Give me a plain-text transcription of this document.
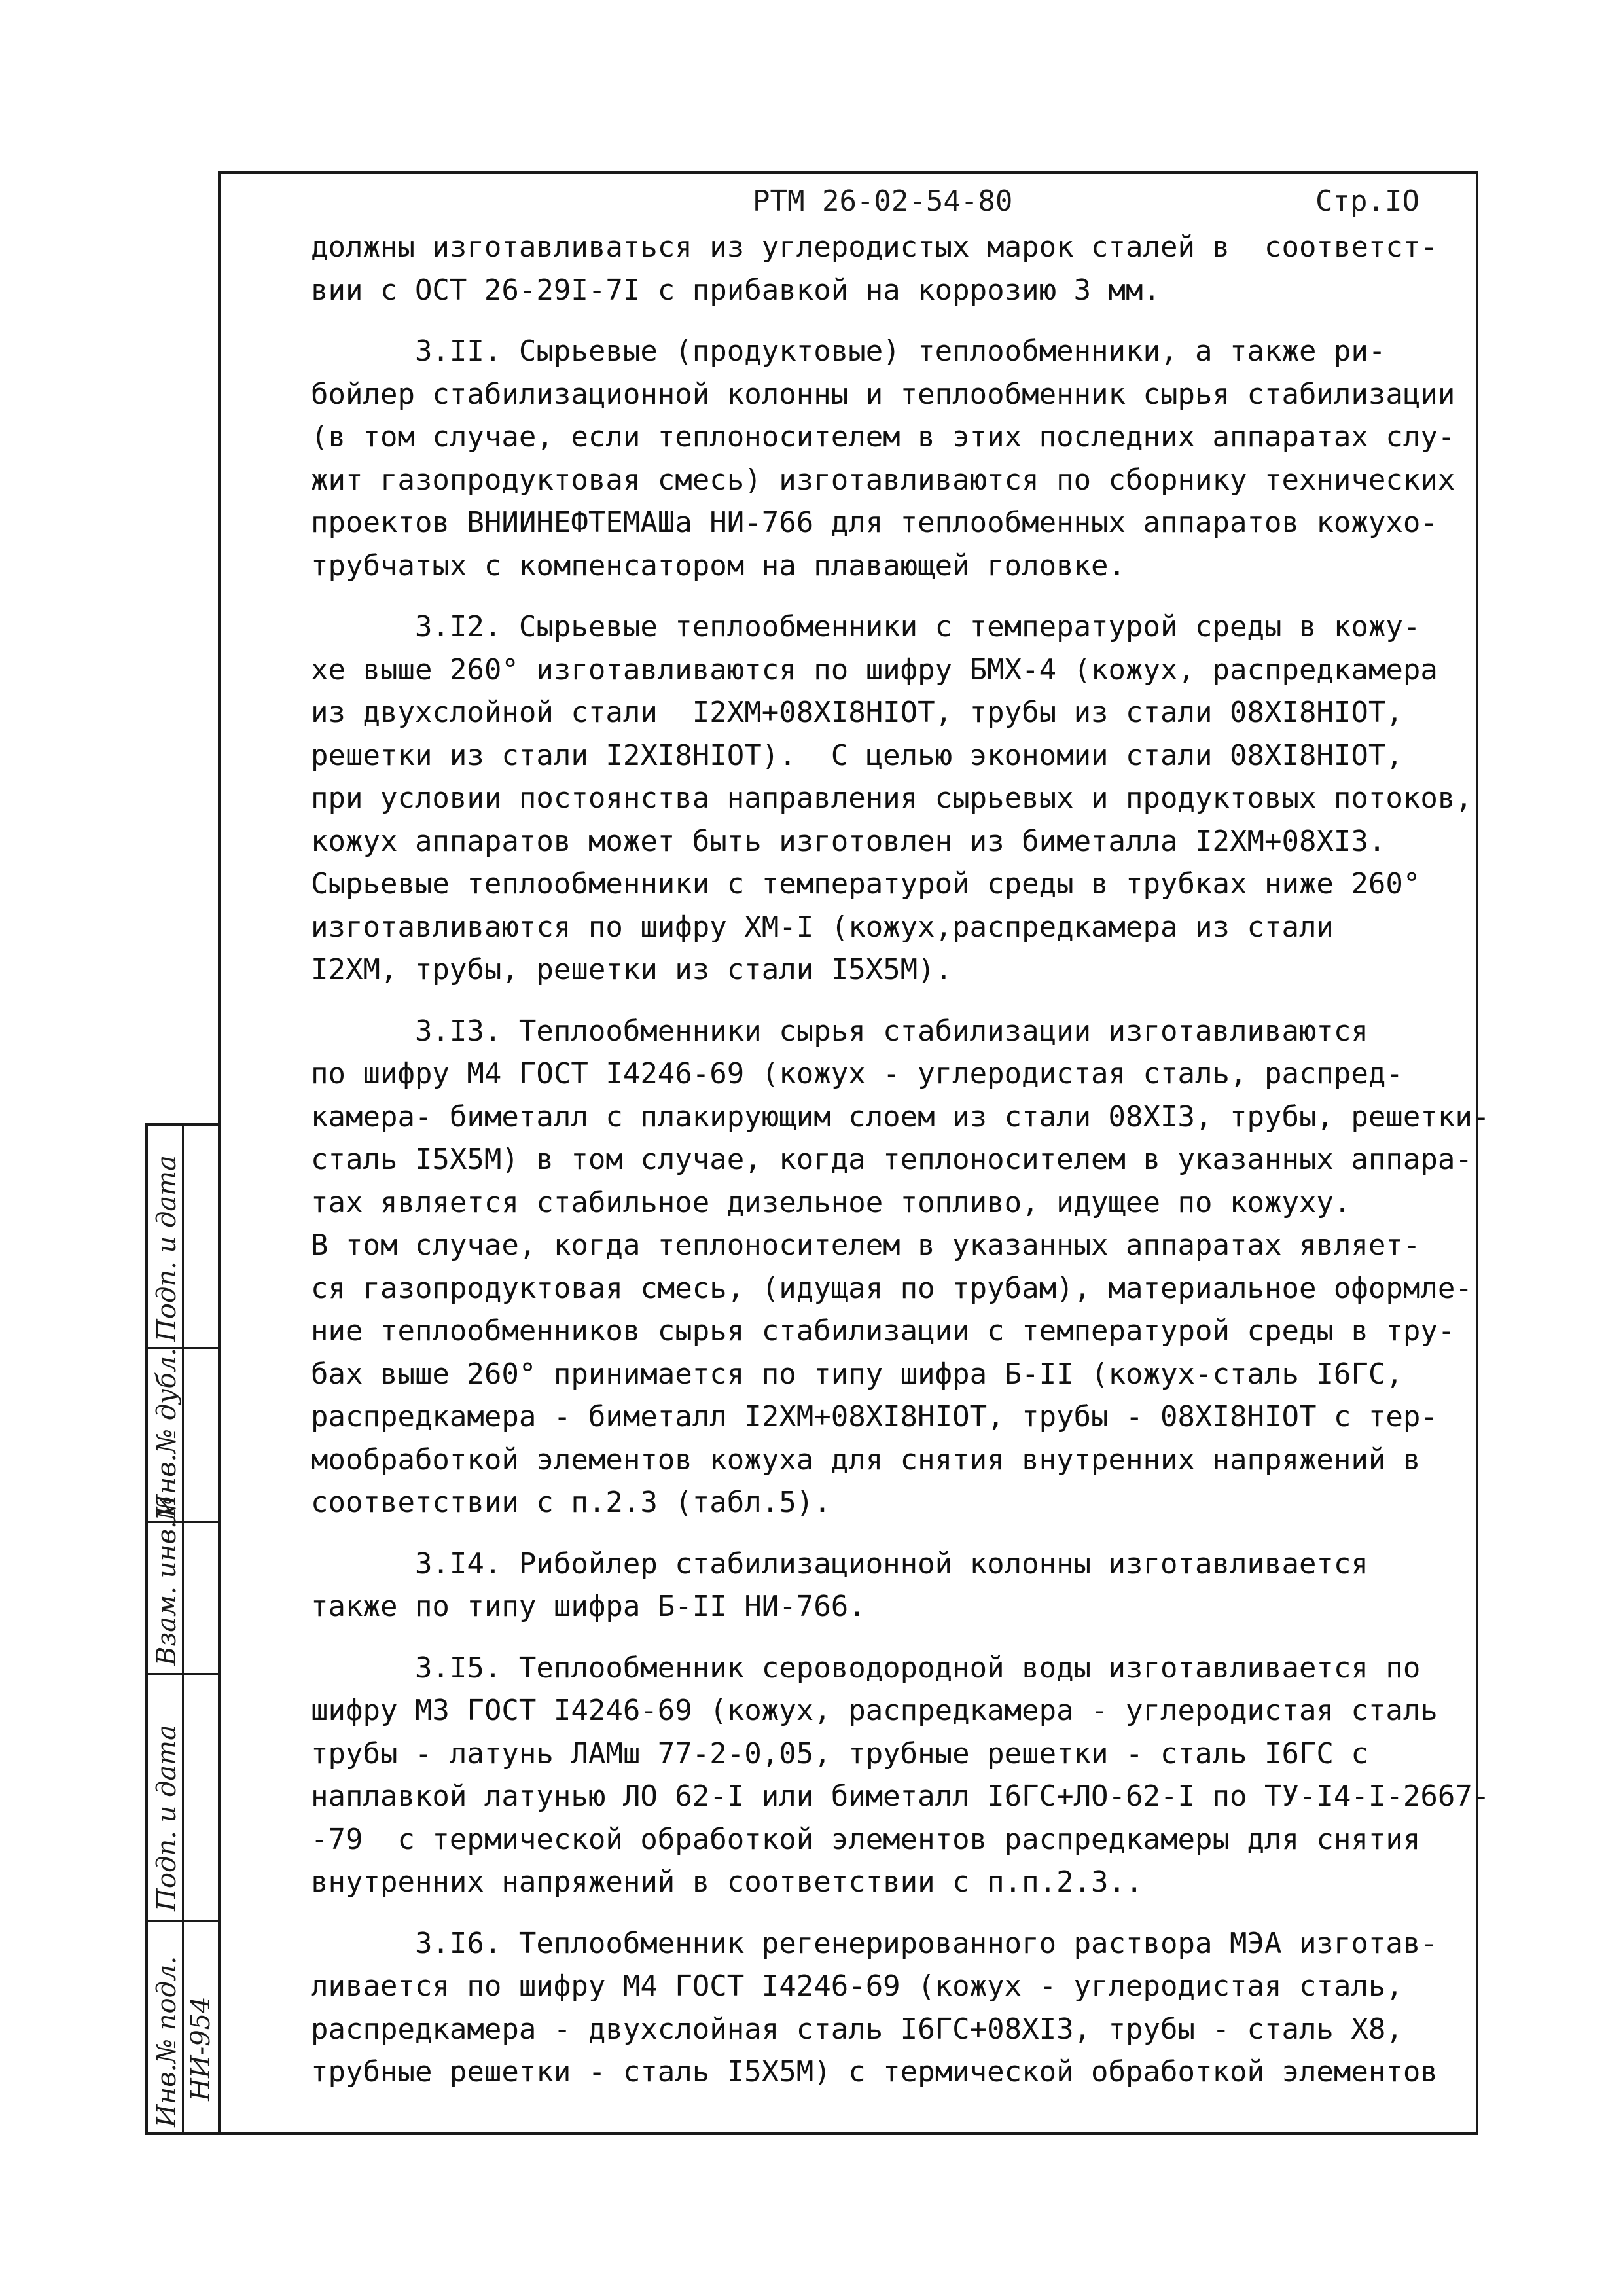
РТМ 26-02-54-80	Стр.IO
должны изготавливаться из углеродистых марок сталей в  соответст-
вии с ОСТ 26-29I-7I с прибавкой на коррозию 3 мм.
3.II. Сырьевые (продуктовые) теплообменники, а также ри-
бойлер стабилизационной колонны и теплообменник сырья стабилизации
(в том случае, если теплоносителем в этих последних аппаратах слу-
жит газопродуктовая смесь) изготавливаются по сборнику технических
проектов ВНИИНЕФТЕМАШа НИ-766 для теплообменных аппаратов кожухо-
трубчатых с компенсатором на плавающей головке.
3.I2. Сырьевые теплообменники с температурой среды в кожу-
хе выше 260° изготавливаются по шифру БМХ-4 (кожух, распредкамера
из двухслойной стали  I2ХМ+08ХI8НIОТ, трубы из стали 08ХI8НIОТ,
решетки из стали I2ХI8НIОТ).  С целью экономии стали 08ХI8НIОТ,
при условии постоянства направления сырьевых и продуктовых потоков,
кожух аппаратов может быть изготовлен из биметалла I2ХМ+08ХI3.
Сырьевые теплообменники с температурой среды в трубках ниже 260°
изготавливаются по шифру ХМ-I (кожух,распредкамера из стали
I2ХМ, трубы, решетки из стали I5Х5М).
3.I3. Теплообменники сырья стабилизации изготавливаются
по шифру М4 ГОСТ I4246-69 (кожух - углеродистая сталь, распред-
камера- биметалл с плакирующим слоем из стали 08ХI3, трубы, решетки-
сталь I5Х5М) в том случае, когда теплоносителем в указанных аппара-
тах является стабильное дизельное топливо, идущее по кожуху.
В том случае, когда теплоносителем в указанных аппаратах являет-
ся газопродуктовая смесь, (идущая по трубам), материальное оформле-
ние теплообменников сырья стабилизации с температурой среды в тру-
бах выше 260° принимается по типу шифра Б-II (кожух-сталь I6ГС,
распредкамера - биметалл I2ХМ+08ХI8НIОТ, трубы - 08ХI8НIОТ с тер-
мообработкой элементов кожуха для снятия внутренних напряжений в
соответствии с п.2.3 (табл.5).
3.I4. Рибойлер стабилизационной колонны изготавливается
также по типу шифра Б-II НИ-766.
3.I5. Теплообменник сероводородной воды изготавливается по
шифру М3 ГОСТ I4246-69 (кожух, распредкамера - углеродистая сталь
трубы - латунь ЛАМш 77-2-0,05, трубные решетки - сталь I6ГС с
наплавкой латунью ЛО 62-I или биметалл I6ГС+ЛО-62-I по ТУ-I4-I-2667-
-79  с термической обработкой элементов распредкамеры для снятия
внутренних напряжений в соответствии с п.п.2.3..
3.I6. Теплообменник регенерированного раствора МЭА изготав-
ливается по шифру М4 ГОСТ I4246-69 (кожух - углеродистая сталь,
распредкамера - двухслойная сталь I6ГС+08ХI3, трубы - сталь Х8,
трубные решетки - сталь I5Х5М) с термической обработкой элементов
Инв.№ подл.
Подп. и дата
Взам. инв.№
Инв.№ дубл.
Подп. и дата
НИ-954
